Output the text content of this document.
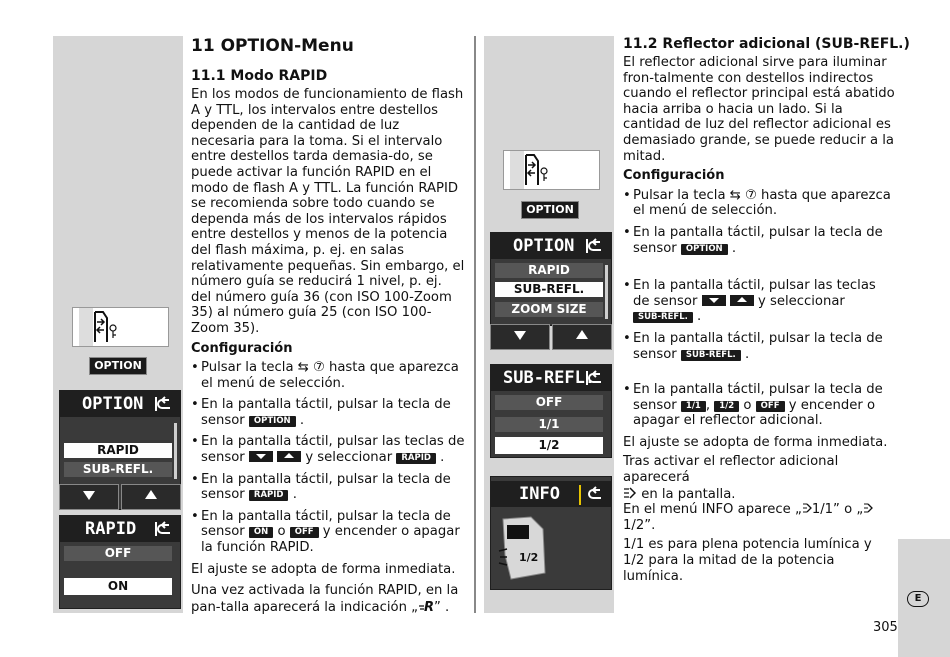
E
305
OPTION
OPTION
RAPID
SUB-REFL.
RAPID
OFF
ON
11 OPTION-Menu
11.1 Modo RAPID

En los modos de funcionamiento de flash A y TTL, los intervalos entre destellos dependen de la cantidad de luz necesaria para la toma. Si el intervalo entre destellos tarda demasia-do, se puede activar la función RAPID en el modo de flash A y TTL. La función RAPID se recomienda sobre todo cuando se dependa más de los intervalos rápidos entre destellos y menos de la potencia del flash máxima, p. ej. en salas relativamente pequeñas. Sin embargo, el número guía se reducirá 1 nivel, p. ej. del número guía 36 (con ISO 100-Zoom 35) al número guía 25 (con ISO 100-Zoom 35).

Configuración

• Pulsar la tecla ⇆ ⑦ hasta que aparezca el menú de selección.
• En la pantalla táctil, pulsar la tecla de sensor OPTION .
• En la pantalla táctil, pulsar las teclas de sensor	y seleccionar RAPID .
• En la pantalla táctil, pulsar la tecla de sensor RAPID .
• En la pantalla táctil, pulsar la tecla de sensor ON o OFF y encender o apagar la función RAPID.

El ajuste se adopta de forma inmediata.

Una vez activada la función RAPID, en la pan-talla aparecerá la indicación „ R ” .

OPTION
OPTION
RAPID
SUB-REFL.
ZOOM SIZE
SUB-REFL.
OFF
1/1
1/2
INFO
1/2
11.2 Reflector adicional (SUB-REFL.)

El reflector adicional sirve para iluminar fron-talmente con destellos indirectos cuando el reflector principal está abatido hacia arriba o hacia un lado. Si la cantidad de luz del reflector adicional es demasiado grande, se puede reducir a la mitad.

Configuración

• Pulsar la tecla ⇆ ⑦ hasta que aparezca el menú de selección.
• En la pantalla táctil, pulsar la tecla de sensor OPTION .
• En la pantalla táctil, pulsar las teclas de sensor	y seleccionar SUB-REFL. .
• En la pantalla táctil, pulsar la tecla de sensor SUB-REFL. .
• En la pantalla táctil, pulsar la tecla de sensor 1/1 , 1/2 o OFF y encender o apagar el reflector adicional.

El ajuste se adopta de forma inmediata.

Tras activar el reflector adicional aparecerá
en la pantalla.
En el menú INFO aparece „ 1/1” o „1/2”.

1/1 es para plena potencia lumínica y 1/2 para la mitad de la potencia lumínica.
